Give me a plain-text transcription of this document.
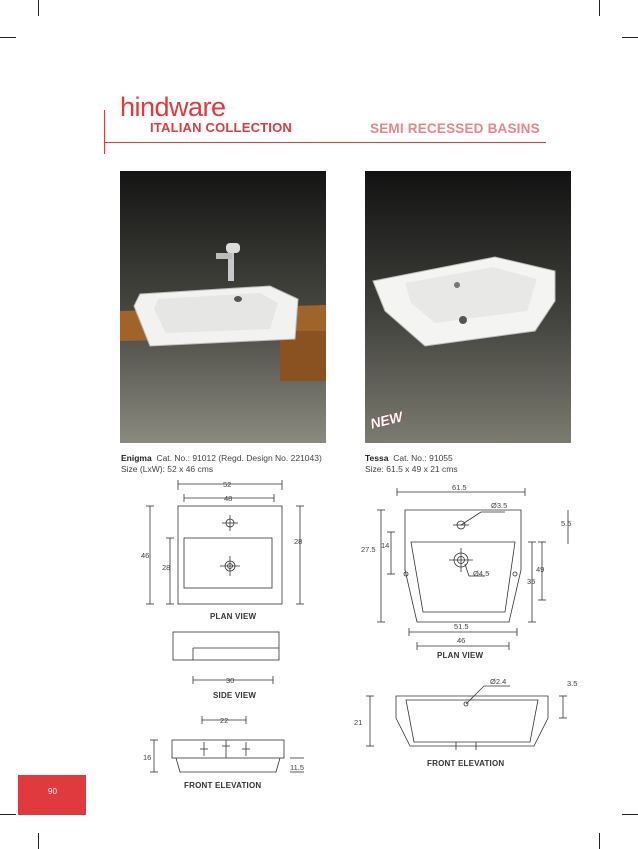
hindware
ITALIAN COLLECTION	SEMI RECESSED BASINS
NEW
Enigma Cat. No.: 91012 (Regd. Design No. 221043)
Size (LxW): 52 x 46 cms
Tessa Cat. No.: 91055
Size: 61.5 x 49 x 21 cms
52
48
46
28
28
PLAN VIEW
30
SIDE VIEW
22
16
11.5
FRONT ELEVATION
61.5
Ø3.5
5.5
14
27.5
Ø4.5	49
35
51.5
46
PLAN VIEW
Ø2.4	3.5
21
FRONT ELEVATION
90
